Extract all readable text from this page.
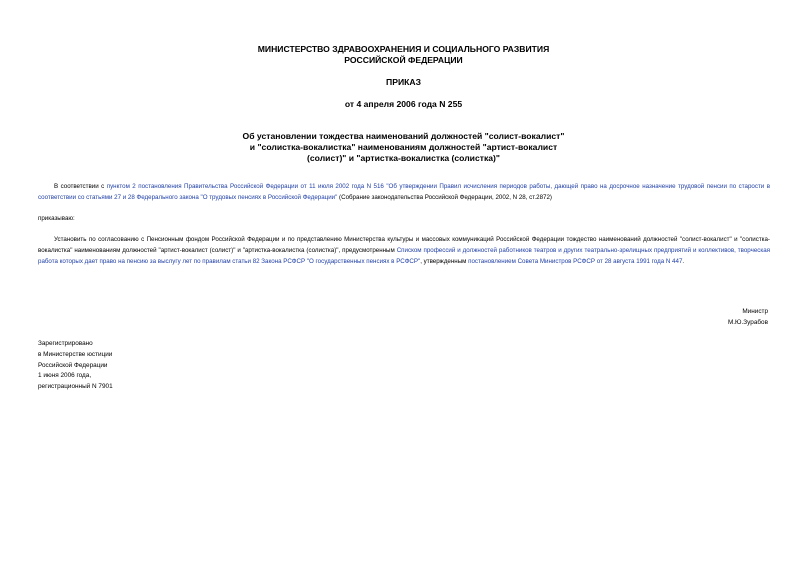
МИНИСТЕРСТВО ЗДРАВООХРАНЕНИЯ И СОЦИАЛЬНОГО РАЗВИТИЯ
РОССИЙСКОЙ ФЕДЕРАЦИИ
ПРИКАЗ
от 4 апреля 2006 года N 255
Об установлении тождества наименований должностей "солист-вокалист"
и "солистка-вокалистка" наименованиям должностей "артист-вокалист
(солист)" и "артистка-вокалистка (солистка)"
В соответствии с пунктом 2 постановления Правительства Российской Федерации от 11 июля 2002 года N 516 "Об утверждении Правил исчисления периодов работы, дающей право на досрочное назначение трудовой пенсии по старости в соответствии со статьями 27 и 28 Федерального закона "О трудовых пенсиях в Российской Федерации" (Собрание законодательства Российской Федерации, 2002, N 28, ст.2872)
приказываю:
Установить по согласованию с Пенсионным фондом Российской Федерации и по представлению Министерства культуры и массовых коммуникаций Российской Федерации тождество наименований должностей "солист-вокалист" и "солистка-вокалистка" наименованиям должностей "артист-вокалист (солист)" и "артистка-вокалистка (солистка)", предусмотренным Списком профессий и должностей работников театров и других театрально-зрелищных предприятий и коллективов, творческая работа которых дает право на пенсию за выслугу лет по правилам статьи 82 Закона РСФСР "О государственных пенсиях в РСФСР", утвержденным постановлением Совета Министров РСФСР от 28 августа 1991 года N 447.
Министр
М.Ю.Зурабов
Зарегистрировано
в Министерстве юстиции
Российской Федерации
1 июня 2006 года,
регистрационный N 7901
